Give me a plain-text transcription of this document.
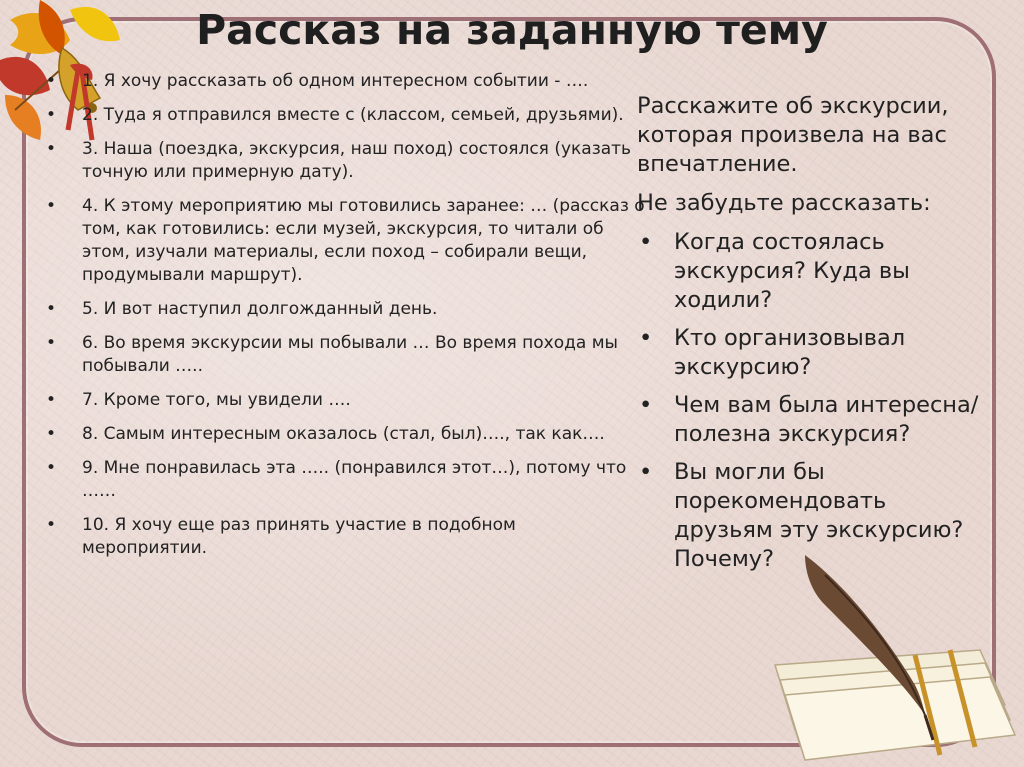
Рассказ на заданную тему
• 1. Я хочу рассказать об одном интересном событии - ….
• 2. Туда я отправился вместе с (классом, семьей, друзьями).
• 3. Наша (поездка, экскурсия, наш поход) состоялся (указать точную или примерную дату).
• 4. К этому мероприятию мы готовились заранее: … (рассказ о том, как готовились: если музей, экскурсия, то читали об этом, изучали материалы, если поход – собирали вещи, продумывали маршрут).
• 5. И вот наступил долгожданный день.
• 6. Во время экскурсии мы побывали … Во время похода мы побывали …..
• 7. Кроме того, мы увидели ….
• 8. Самым интересным оказалось (стал, был)…., так как….
• 9. Мне понравилась эта ….. (понравился этот…), потому что ……
• 10. Я хочу еще раз принять участие в подобном мероприятии.

Расскажите об экскурсии, которая произвела на вас впечатление.

Не забудьте рассказать:

• Когда состоялась экскурсия? Куда вы ходили?
• Кто организовывал экскурсию?
• Чем вам была интересна/ полезна экскурсия?
• Вы могли бы порекомендовать друзьям эту экскурсию? Почему?
